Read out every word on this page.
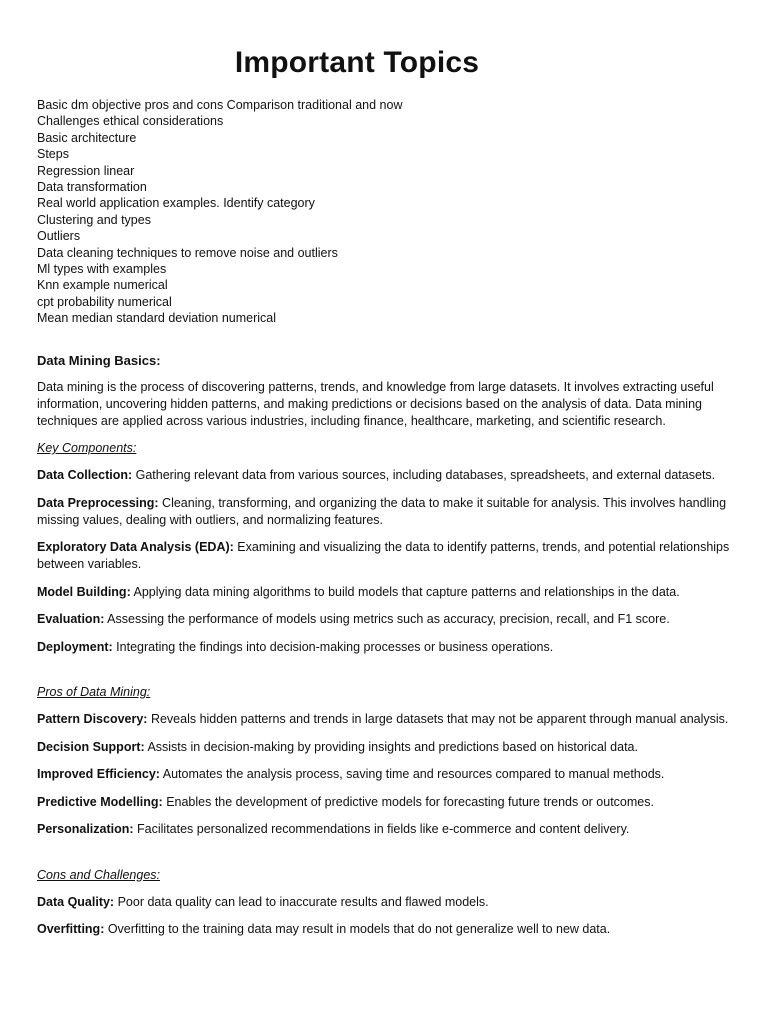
Important Topics
Basic dm objective pros and cons Comparison traditional and now
Challenges ethical considerations
Basic architecture
Steps
Regression linear
Data transformation
Real world application examples. Identify category
Clustering and types
Outliers
Data cleaning techniques to remove noise and outliers
Ml types with examples
Knn example numerical
cpt probability numerical
Mean median standard deviation numerical
Data Mining Basics:

Data mining is the process of discovering patterns, trends, and knowledge from large datasets. It involves extracting useful information, uncovering hidden patterns, and making predictions or decisions based on the analysis of data. Data mining techniques are applied across various industries, including finance, healthcare, marketing, and scientific research.

Key Components:
Data Collection: Gathering relevant data from various sources, including databases, spreadsheets, and external datasets.
Data Preprocessing: Cleaning, transforming, and organizing the data to make it suitable for analysis. This involves handling missing values, dealing with outliers, and normalizing features.
Exploratory Data Analysis (EDA): Examining and visualizing the data to identify patterns, trends, and potential relationships between variables.
Model Building: Applying data mining algorithms to build models that capture patterns and relationships in the data.
Evaluation: Assessing the performance of models using metrics such as accuracy, precision, recall, and F1 score.
Deployment: Integrating the findings into decision-making processes or business operations.
Pros of Data Mining:
Pattern Discovery: Reveals hidden patterns and trends in large datasets that may not be apparent through manual analysis.
Decision Support: Assists in decision-making by providing insights and predictions based on historical data.
Improved Efficiency: Automates the analysis process, saving time and resources compared to manual methods.
Predictive Modelling: Enables the development of predictive models for forecasting future trends or outcomes.
Personalization: Facilitates personalized recommendations in fields like e-commerce and content delivery.
Cons and Challenges:
Data Quality: Poor data quality can lead to inaccurate results and flawed models.
Overfitting: Overfitting to the training data may result in models that do not generalize well to new data.
